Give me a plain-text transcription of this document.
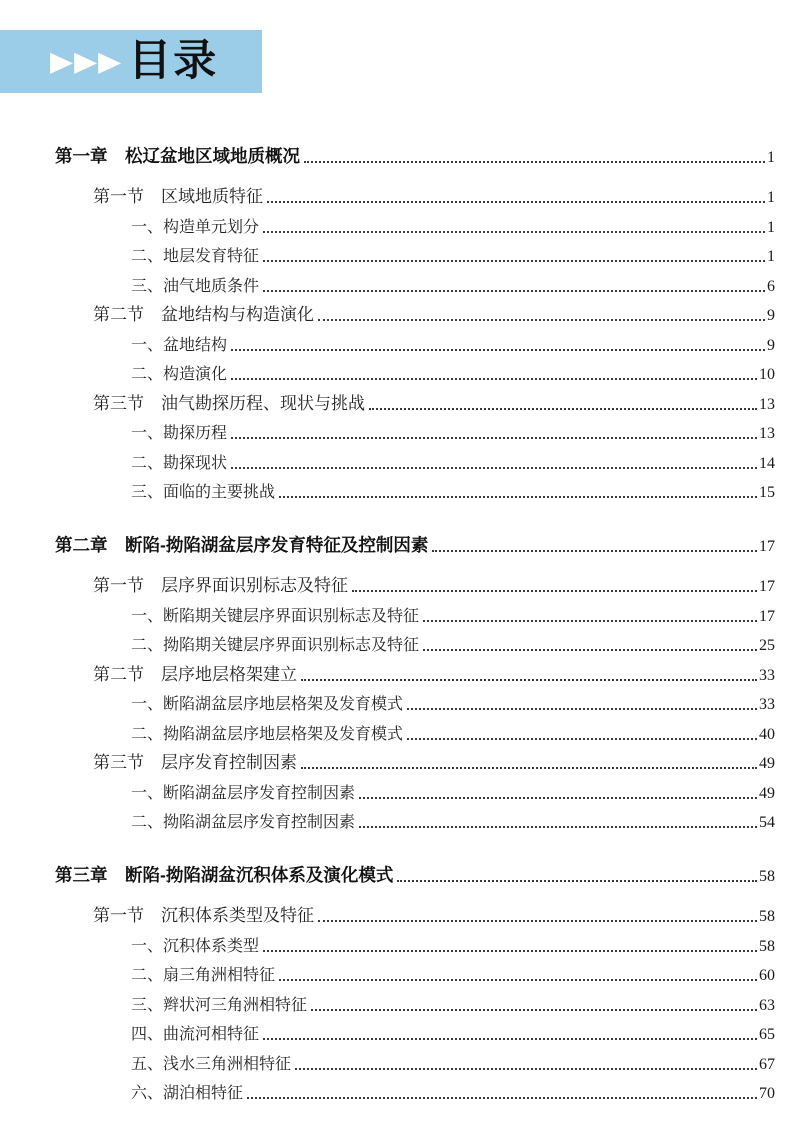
▶▶▶ 目录
第一章　松辽盆地区域地质概况	1
第一节　区域地质特征	1
一、构造单元划分	1
二、地层发育特征	1
三、油气地质条件	6
第二节　盆地结构与构造演化	9
一、盆地结构	9
二、构造演化	10
第三节　油气勘探历程、现状与挑战	13
一、勘探历程	13
二、勘探现状	14
三、面临的主要挑战	15
第二章　断陷-拗陷湖盆层序发育特征及控制因素	17
第一节　层序界面识别标志及特征	17
一、断陷期关键层序界面识别标志及特征	17
二、拗陷期关键层序界面识别标志及特征	25
第二节　层序地层格架建立	33
一、断陷湖盆层序地层格架及发育模式	33
二、拗陷湖盆层序地层格架及发育模式	40
第三节　层序发育控制因素	49
一、断陷湖盆层序发育控制因素	49
二、拗陷湖盆层序发育控制因素	54
第三章　断陷-拗陷湖盆沉积体系及演化模式	58
第一节　沉积体系类型及特征	58
一、沉积体系类型	58
二、扇三角洲相特征	60
三、辫状河三角洲相特征	63
四、曲流河相特征	65
五、浅水三角洲相特征	67
六、湖泊相特征	70
